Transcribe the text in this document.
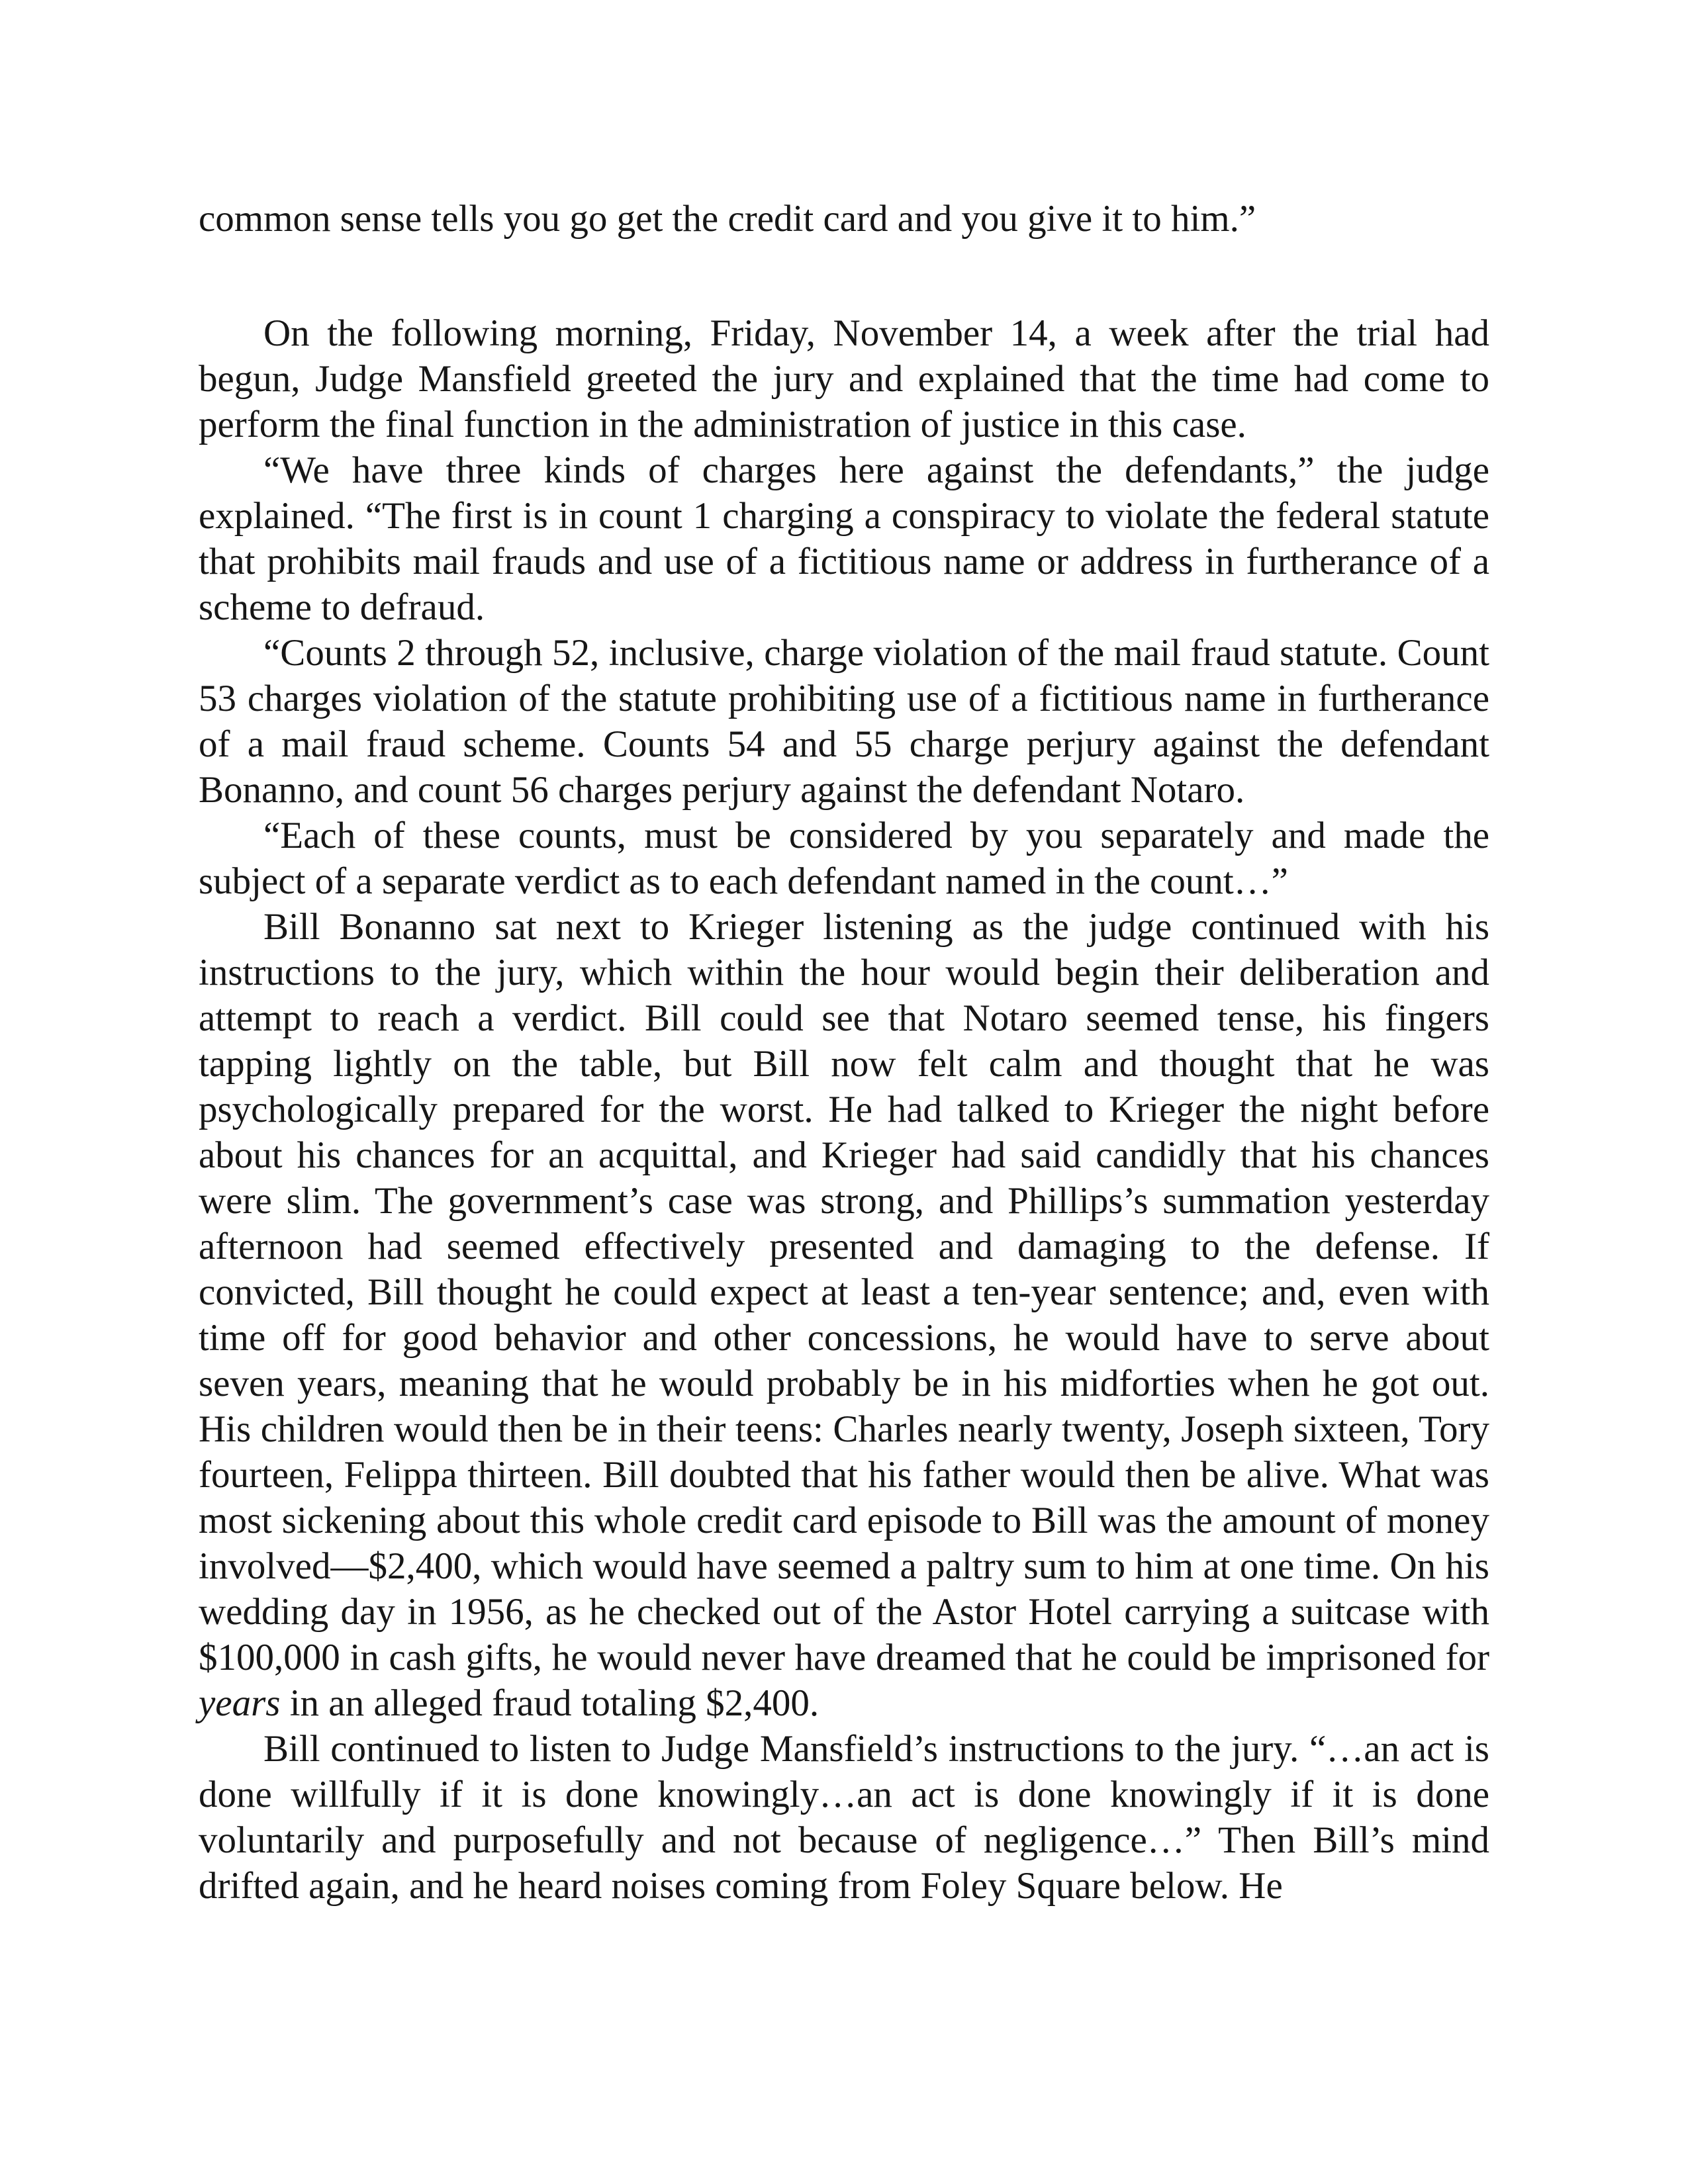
common sense tells you go get the credit card and you give it to him.”

On the following morning, Friday, November 14, a week after the trial had begun, Judge Mansfield greeted the jury and explained that the time had come to perform the final function in the administration of justice in this case.

“We have three kinds of charges here against the defendants,” the judge explained. “The first is in count 1 charging a conspiracy to violate the federal statute that prohibits mail frauds and use of a fictitious name or address in furtherance of a scheme to defraud.

“Counts 2 through 52, inclusive, charge violation of the mail fraud statute. Count 53 charges violation of the statute prohibiting use of a fictitious name in furtherance of a mail fraud scheme. Counts 54 and 55 charge perjury against the defendant Bonanno, and count 56 charges perjury against the defendant Notaro.

“Each of these counts, must be considered by you separately and made the subject of a separate verdict as to each defendant named in the count…”

Bill Bonanno sat next to Krieger listening as the judge continued with his instructions to the jury, which within the hour would begin their deliberation and attempt to reach a verdict. Bill could see that Notaro seemed tense, his fingers tapping lightly on the table, but Bill now felt calm and thought that he was psychologically prepared for the worst. He had talked to Krieger the night before about his chances for an acquittal, and Krieger had said candidly that his chances were slim. The government’s case was strong, and Phillips’s summation yesterday afternoon had seemed effectively presented and damaging to the defense. If convicted, Bill thought he could expect at least a ten-year sentence; and, even with time off for good behavior and other concessions, he would have to serve about seven years, meaning that he would probably be in his midforties when he got out. His children would then be in their teens: Charles nearly twenty, Joseph sixteen, Tory fourteen, Felippa thirteen. Bill doubted that his father would then be alive. What was most sickening about this whole credit card episode to Bill was the amount of money involved—$2,400, which would have seemed a paltry sum to him at one time. On his wedding day in 1956, as he checked out of the Astor Hotel carrying a suitcase with $100,000 in cash gifts, he would never have dreamed that he could be imprisoned for years in an alleged fraud totaling $2,400.

Bill continued to listen to Judge Mansfield’s instructions to the jury. “…an act is done willfully if it is done knowingly…an act is done knowingly if it is done voluntarily and purposefully and not because of negligence…” Then Bill’s mind drifted again, and he heard noises coming from Foley Square below. He
